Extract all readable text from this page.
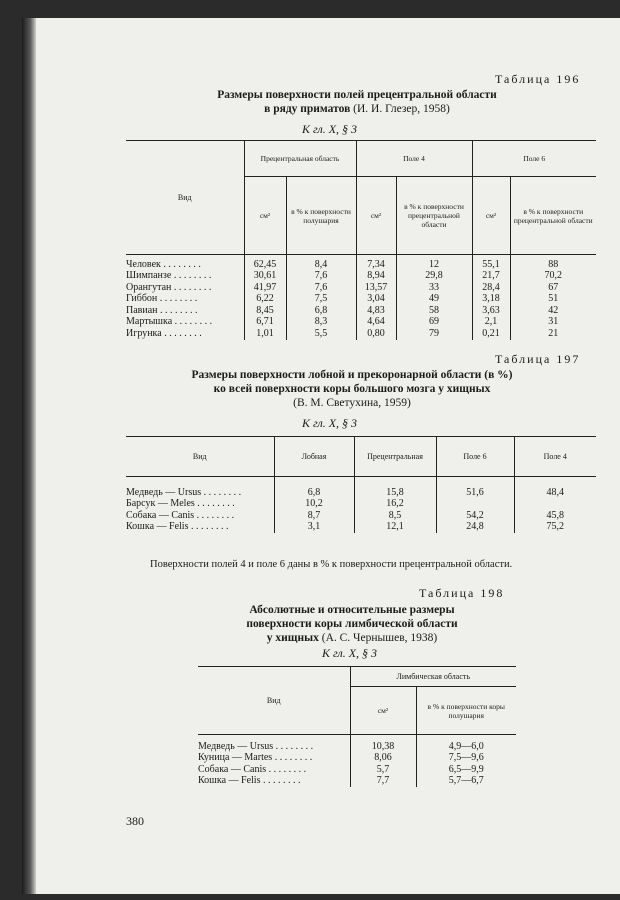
Таблица 196
Размеры поверхности полей прецентральной области
в ряду приматов (И. И. Глезер, 1958)
К гл. X, § 3
Вид	Прецентральная область		Поле 4		Поле 6	
	см²	в % к поверхности полушария	см²	в % к поверхности прецентральной области	см²	в % к поверхности прецентральной области

Человек . . . . . . . .	62,45	8,4	7,34	12	55,1	88
Шимпанзе . . . . . . . .	30,61	7,6	8,94	29,8	21,7	70,2
Орангутан . . . . . . . .	41,97	7,6	13,57	33	28,4	67
Гиббон . . . . . . . .	6,22	7,5	3,04	49	3,18	51
Павиан . . . . . . . .	8,45	6,8	4,83	58	3,63	42
Мартышка . . . . . . . .	6,71	8,3	4,64	69	2,1	31
Игрунка . . . . . . . .	1,01	5,5	0,80	79	0,21	21
Таблица 197
Размеры поверхности лобной и прекоронарной области (в %)
ко всей поверхности коры большого мозга у хищных
(В. М. Светухина, 1959)
К гл. X, § 3
Вид	Лобная	Прецентральная	Поле 6	Поле 4

Медведь — Ursus . . . . . . . .	6,8	15,8	51,6	48,4
Барсук — Meles . . . . . . . .	10,2	16,2		
Собака — Canis . . . . . . . .	8,7	8,5	54,2	45,8
Кошка — Felis . . . . . . . .	3,1	12,1	24,8	75,2
Поверхности полей 4 и поле 6 даны в % к поверхности прецентральной области.
Таблица 198
Абсолютные и относительные размеры
поверхности коры лимбической области
у хищных (А. С. Чернышев, 1938)
К гл. X, § 3
Вид	Лимбическая область	
	см²	в % к поверхности коры полушария

Медведь — Ursus . . . . . . . .	10,38	4,9—6,0
Куница — Martes . . . . . . . .	8,06	7,5—9,6
Собака — Canis . . . . . . . .	5,7	6,5—9,9
Кошка — Felis . . . . . . . .	7,7	5,7—6,7
380
